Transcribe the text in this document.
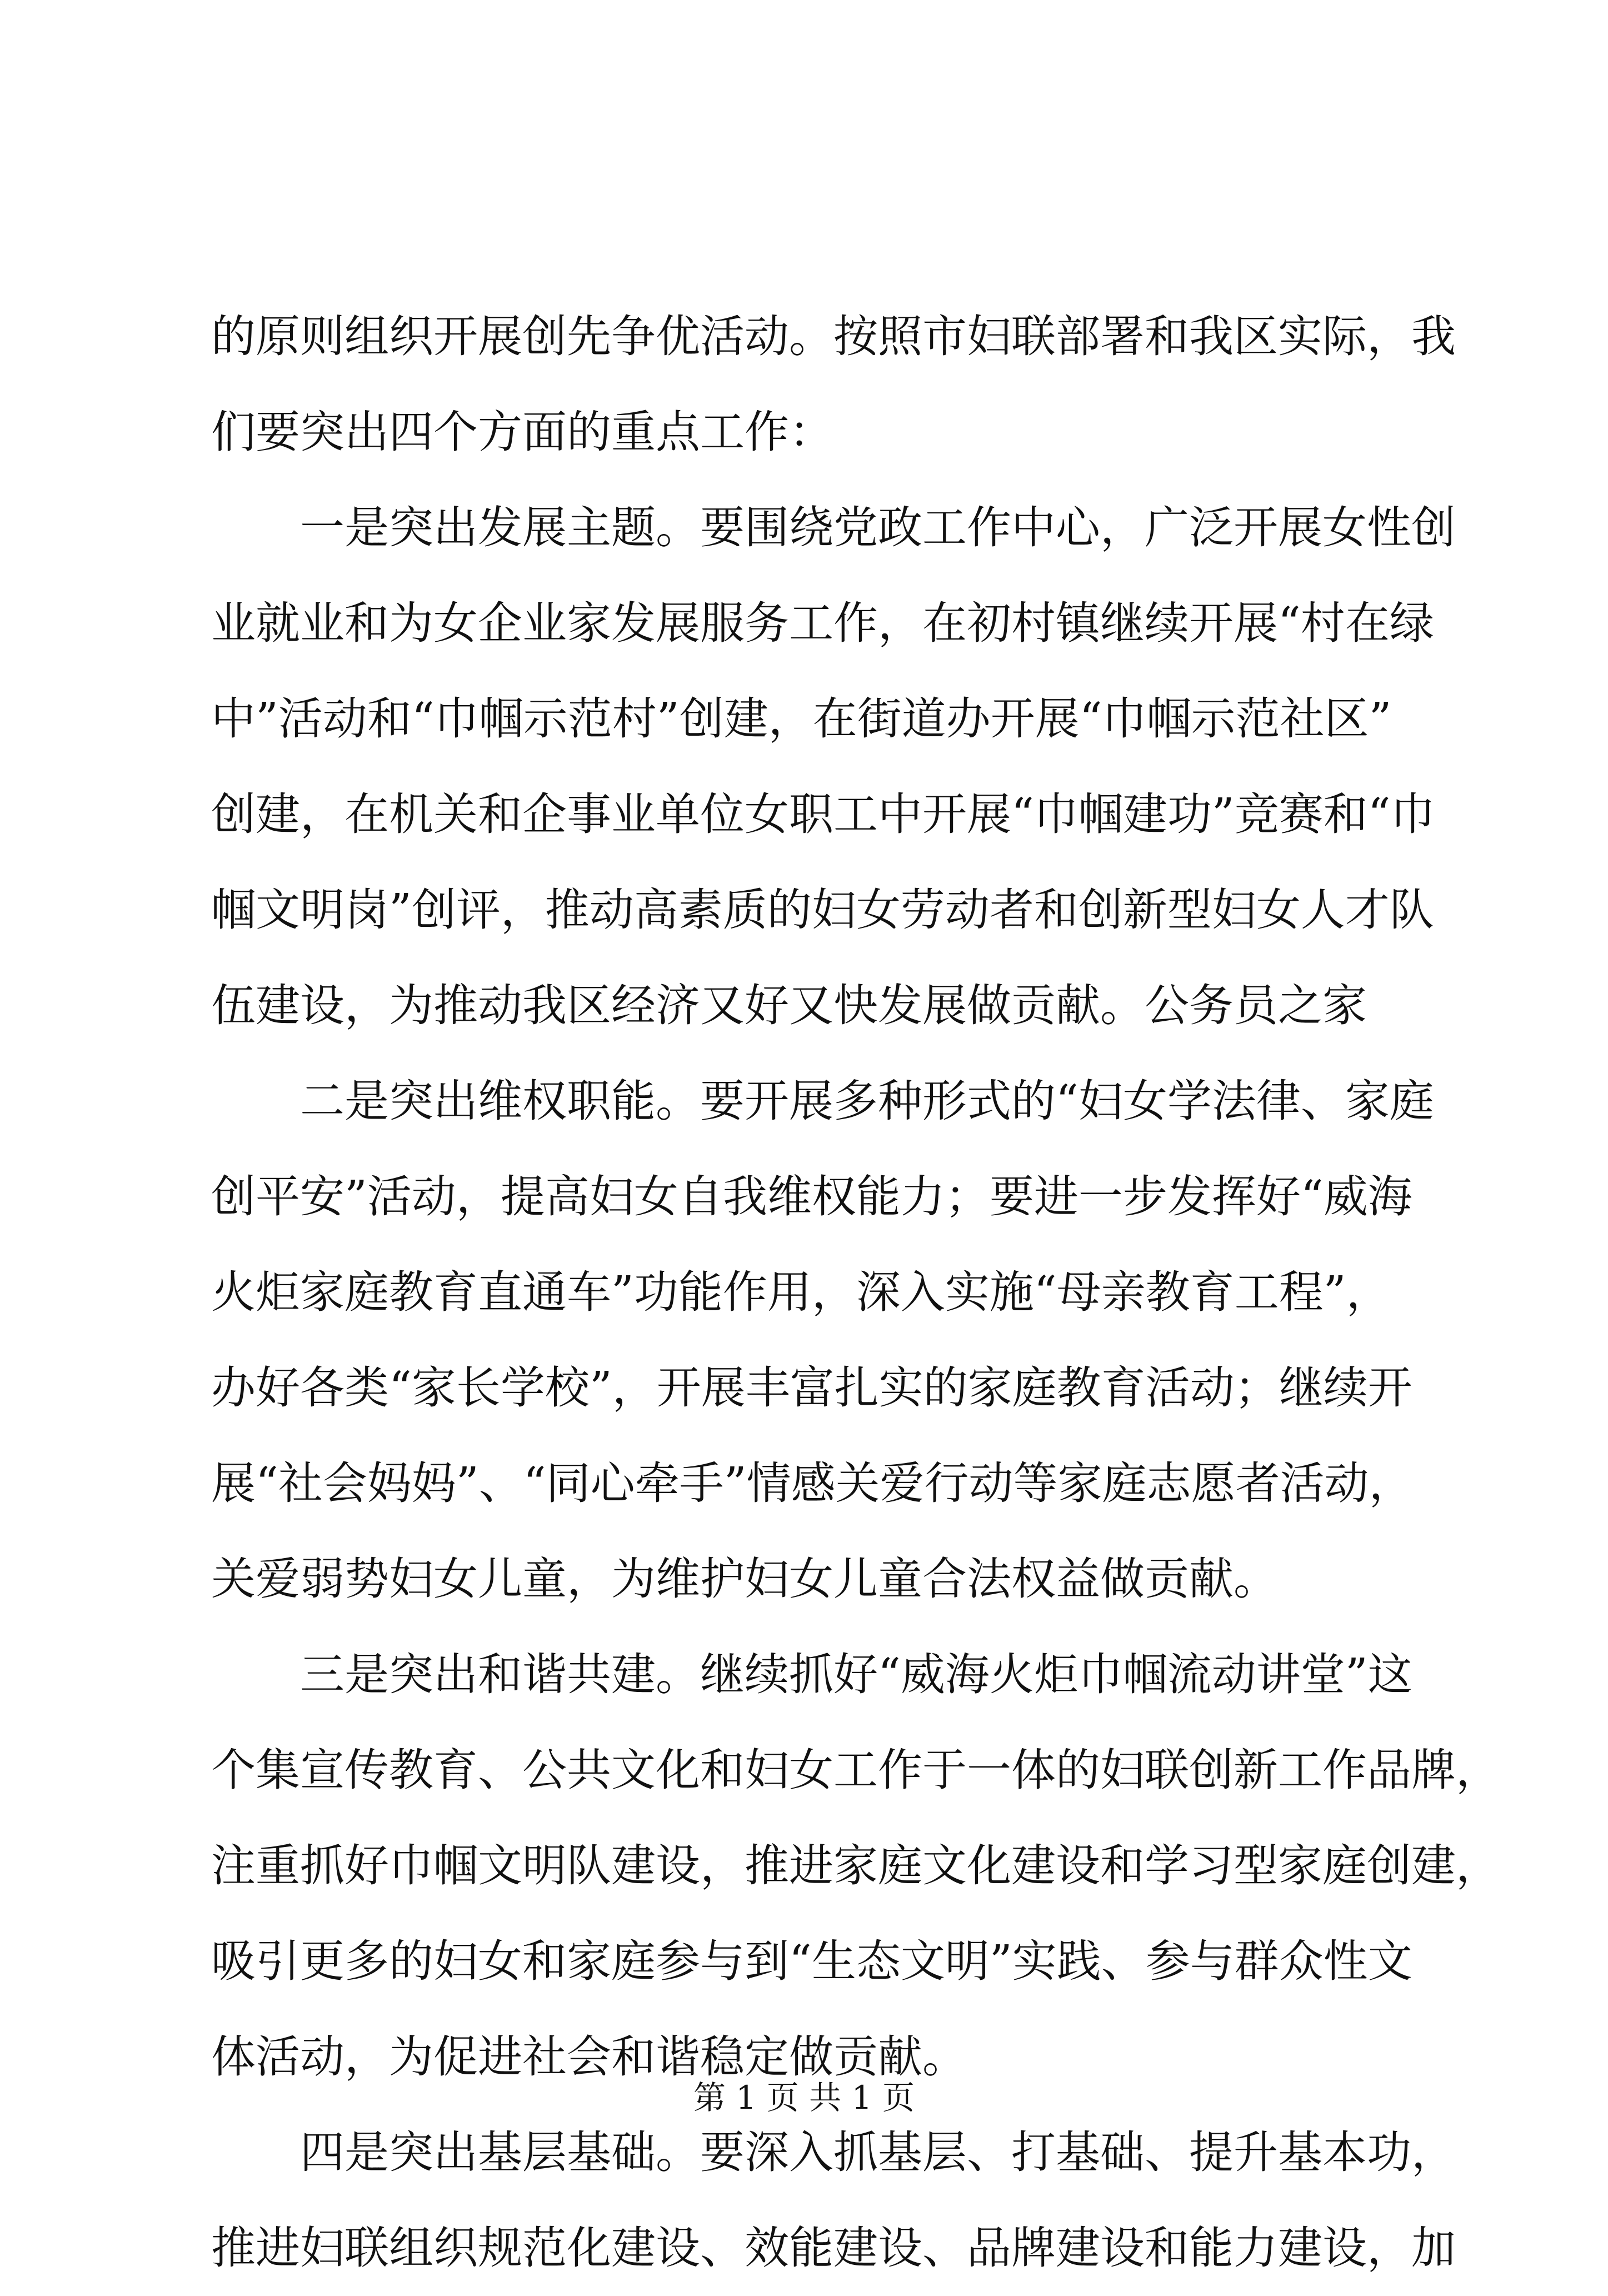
的原则组织开展创先争优活动。按照市妇联部署和我区实际，我
们要突出四个方面的重点工作：
　　一是突出发展主题。要围绕党政工作中心，广泛开展女性创
业就业和为女企业家发展服务工作，在初村镇继续开展“村在绿
中”活动和“巾帼示范村”创建，在街道办开展“巾帼示范社区”
创建，在机关和企事业单位女职工中开展“巾帼建功”竞赛和“巾
帼文明岗”创评，推动高素质的妇女劳动者和创新型妇女人才队
伍建设，为推动我区经济又好又快发展做贡献。公务员之家
　　二是突出维权职能。要开展多种形式的“妇女学法律、家庭
创平安”活动，提高妇女自我维权能力；要进一步发挥好“威海
火炬家庭教育直通车”功能作用，深入实施“母亲教育工程”，
办好各类“家长学校”，开展丰富扎实的家庭教育活动；继续开
展“社会妈妈”、“同心牵手”情感关爱行动等家庭志愿者活动，
关爱弱势妇女儿童，为维护妇女儿童合法权益做贡献。
　　三是突出和谐共建。继续抓好“威海火炬巾帼流动讲堂”这
个集宣传教育、公共文化和妇女工作于一体的妇联创新工作品牌，
注重抓好巾帼文明队建设，推进家庭文化建设和学习型家庭创建，
吸引更多的妇女和家庭参与到“生态文明”实践、参与群众性文
体活动，为促进社会和谐稳定做贡献。
　　四是突出基层基础。要深入抓基层、打基础、提升基本功，
推进妇联组织规范化建设、效能建设、品牌建设和能力建设，加
第 1 页 共 1 页
